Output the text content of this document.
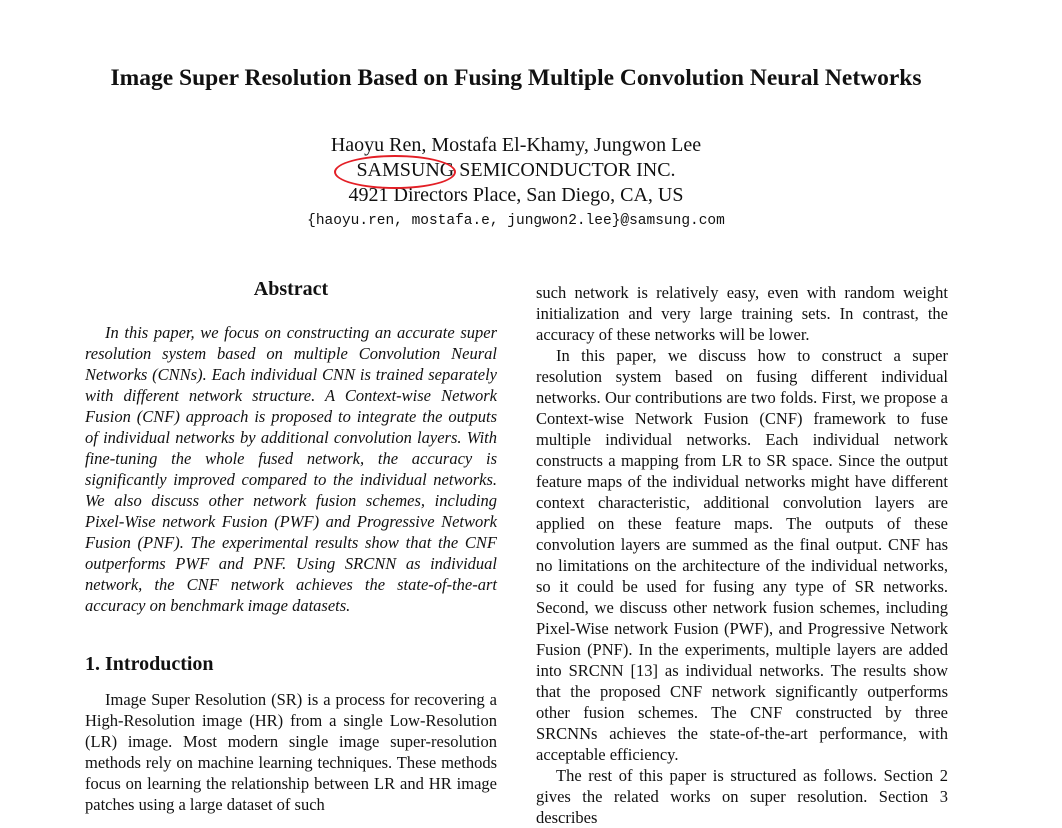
Image Super Resolution Based on Fusing Multiple Convolution Neural Networks
Haoyu Ren, Mostafa El-Khamy, Jungwon Lee
SAMSUNG SEMICONDUCTOR INC.
4921 Directors Place, San Diego, CA, US
{haoyu.ren, mostafa.e, jungwon2.lee}@samsung.com
Abstract

In this paper, we focus on constructing an accurate super resolution system based on multiple Convolution Neural Networks (CNNs). Each individual CNN is trained separately with different network structure. A Context-wise Network Fusion (CNF) approach is proposed to integrate the outputs of individual networks by additional convolution layers. With fine-tuning the whole fused network, the accuracy is significantly improved compared to the individual networks. We also discuss other network fusion schemes, including Pixel-Wise network Fusion (PWF) and Progressive Network Fusion (PNF). The experimental results show that the CNF outperforms PWF and PNF. Using SRCNN as individual network, the CNF network achieves the state-of-the-art accuracy on benchmark image datasets.

1. Introduction

Image Super Resolution (SR) is a process for recovering a High-Resolution image (HR) from a single Low-Resolution (LR) image. Most modern single image super-resolution methods rely on machine learning techniques. These methods focus on learning the relationship between LR and HR image patches using a large dataset of such

such network is relatively easy, even with random weight initialization and very large training sets. In contrast, the accuracy of these networks will be lower.

In this paper, we discuss how to construct a super resolution system based on fusing different individual networks. Our contributions are two folds. First, we propose a Context-wise Network Fusion (CNF) framework to fuse multiple individual networks. Each individual network constructs a mapping from LR to SR space. Since the output feature maps of the individual networks might have different context characteristic, additional convolution layers are applied on these feature maps. The outputs of these convolution layers are summed as the final output. CNF has no limitations on the architecture of the individual networks, so it could be used for fusing any type of SR networks. Second, we discuss other network fusion schemes, including Pixel-Wise network Fusion (PWF), and Progressive Network Fusion (PNF). In the experiments, multiple layers are added into SRCNN [13] as individual networks. The results show that the proposed CNF network significantly outperforms other fusion schemes. The CNF constructed by three SRCNNs achieves the state-of-the-art performance, with acceptable efficiency.

The rest of this paper is structured as follows. Section 2 gives the related works on super resolution. Section 3 describes
